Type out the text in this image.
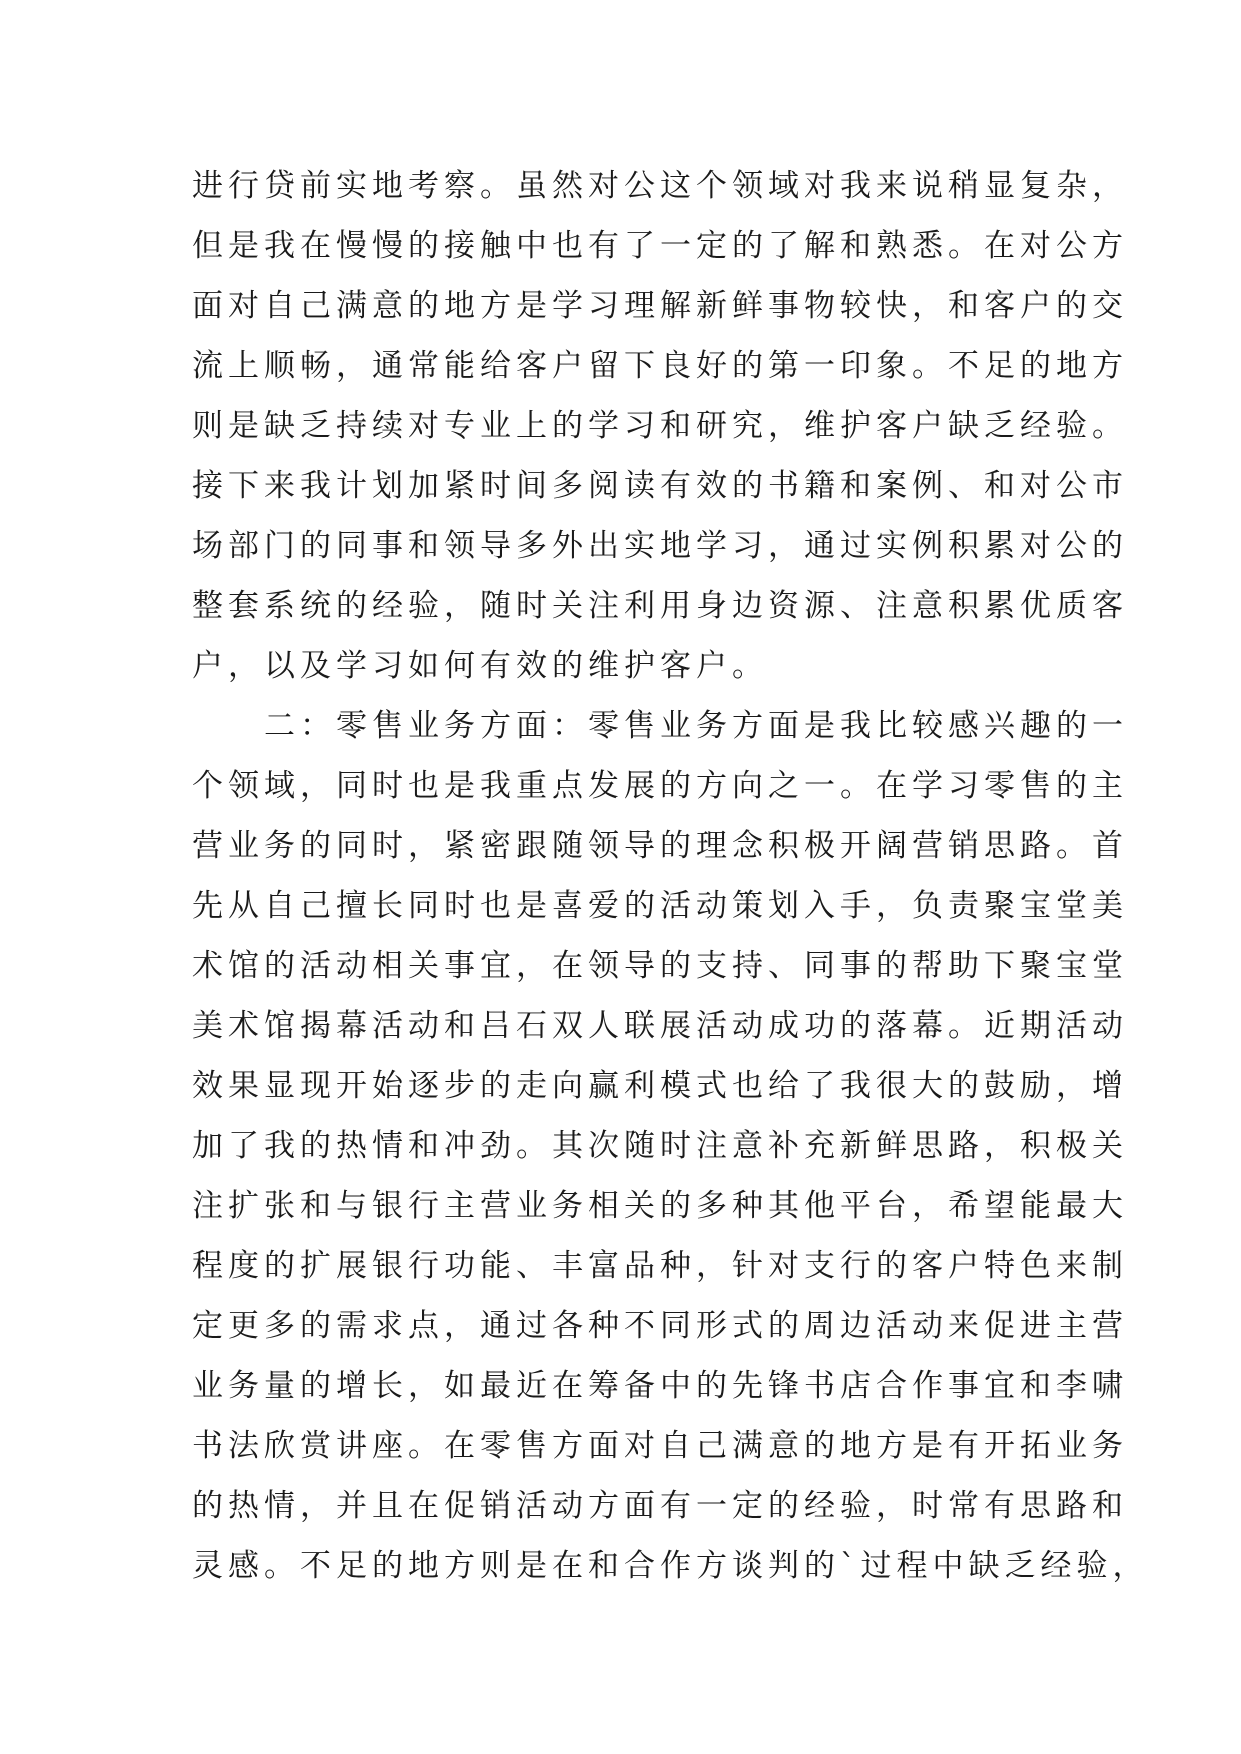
进行贷前实地考察。虽然对公这个领域对我来说稍显复杂，
但是我在慢慢的接触中也有了一定的了解和熟悉。在对公方
面对自己满意的地方是学习理解新鲜事物较快，和客户的交
流上顺畅，通常能给客户留下良好的第一印象。不足的地方
则是缺乏持续对专业上的学习和研究，维护客户缺乏经验。
接下来我计划加紧时间多阅读有效的书籍和案例、和对公市
场部门的同事和领导多外出实地学习，通过实例积累对公的
整套系统的经验，随时关注利用身边资源、注意积累优质客
户，以及学习如何有效的维护客户。
　　二：零售业务方面：零售业务方面是我比较感兴趣的一
个领域，同时也是我重点发展的方向之一。在学习零售的主
营业务的同时，紧密跟随领导的理念积极开阔营销思路。首
先从自己擅长同时也是喜爱的活动策划入手，负责聚宝堂美
术馆的活动相关事宜，在领导的支持、同事的帮助下聚宝堂
美术馆揭幕活动和吕石双人联展活动成功的落幕。近期活动
效果显现开始逐步的走向赢利模式也给了我很大的鼓励，增
加了我的热情和冲劲。其次随时注意补充新鲜思路，积极关
注扩张和与银行主营业务相关的多种其他平台，希望能最大
程度的扩展银行功能、丰富品种，针对支行的客户特色来制
定更多的需求点，通过各种不同形式的周边活动来促进主营
业务量的增长，如最近在筹备中的先锋书店合作事宜和李啸
书法欣赏讲座。在零售方面对自己满意的地方是有开拓业务
的热情，并且在促销活动方面有一定的经验，时常有思路和
灵感。不足的地方则是在和合作方谈判的`过程中缺乏经验，
